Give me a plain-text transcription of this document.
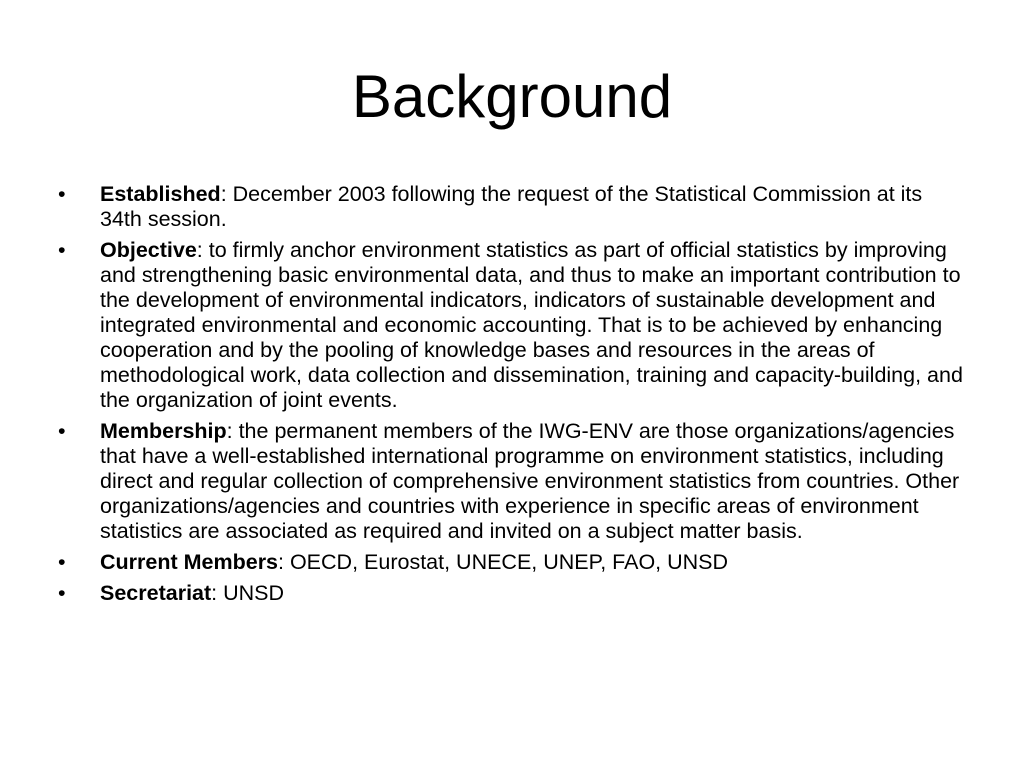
Background
•	Established: December 2003 following the request of the Statistical Commission at its 34th session.
•	Objective: to firmly anchor environment statistics as part of official statistics by improving and strengthening basic environmental data, and thus to make an important contribution to the development of environmental indicators, indicators of sustainable development and integrated environmental and economic accounting. That is to be achieved by enhancing cooperation and by the pooling of knowledge bases and resources in the areas of methodological work, data collection and dissemination, training and capacity-building, and the organization of joint events.
•	Membership: the permanent members of the IWG-ENV are those organizations/agencies that have a well-established international programme on environment statistics, including direct and regular collection of comprehensive environment statistics from countries. Other organizations/agencies and countries with experience in specific areas of environment statistics are associated as required and invited on a subject matter basis.
•	Current Members: OECD, Eurostat, UNECE, UNEP, FAO, UNSD
•	Secretariat: UNSD
